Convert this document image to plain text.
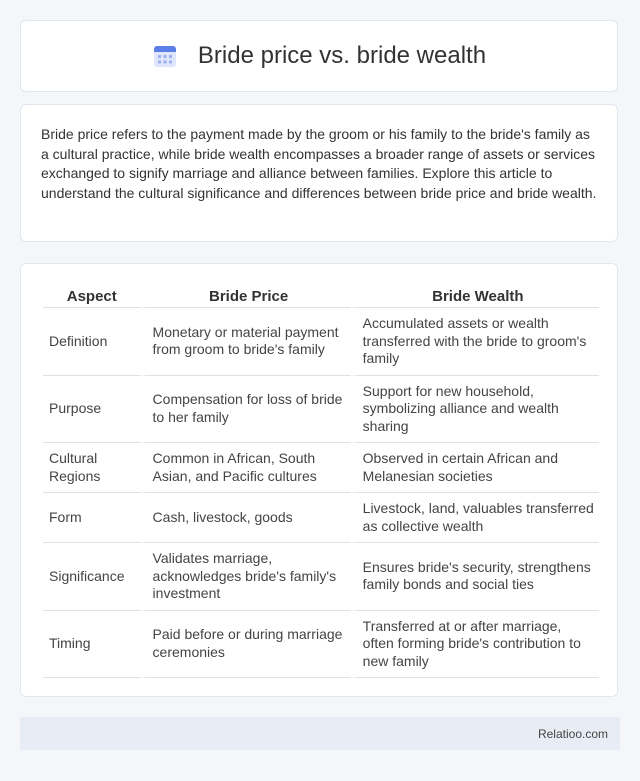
Bride price vs. bride wealth

Bride price refers to the payment made by the groom or his family to the bride's family as a cultural practice, while bride wealth encompasses a broader range of assets or services exchanged to signify marriage and alliance between families. Explore this article to understand the cultural significance and differences between bride price and bride wealth.

Aspect	Bride Price	Bride Wealth
Definition	Monetary or material payment from groom to bride's family	Accumulated assets or wealth transferred with the bride to groom's family
Purpose	Compensation for loss of bride to her family	Support for new household, symbolizing alliance and wealth sharing
Cultural Regions	Common in African, South Asian, and Pacific cultures	Observed in certain African and Melanesian societies
Form	Cash, livestock, goods	Livestock, land, valuables transferred as collective wealth
Significance	Validates marriage, acknowledges bride's family's investment	Ensures bride's security, strengthens family bonds and social ties
Timing	Paid before or during marriage ceremonies	Transferred at or after marriage, often forming bride's contribution to new family
Relatioo.com
